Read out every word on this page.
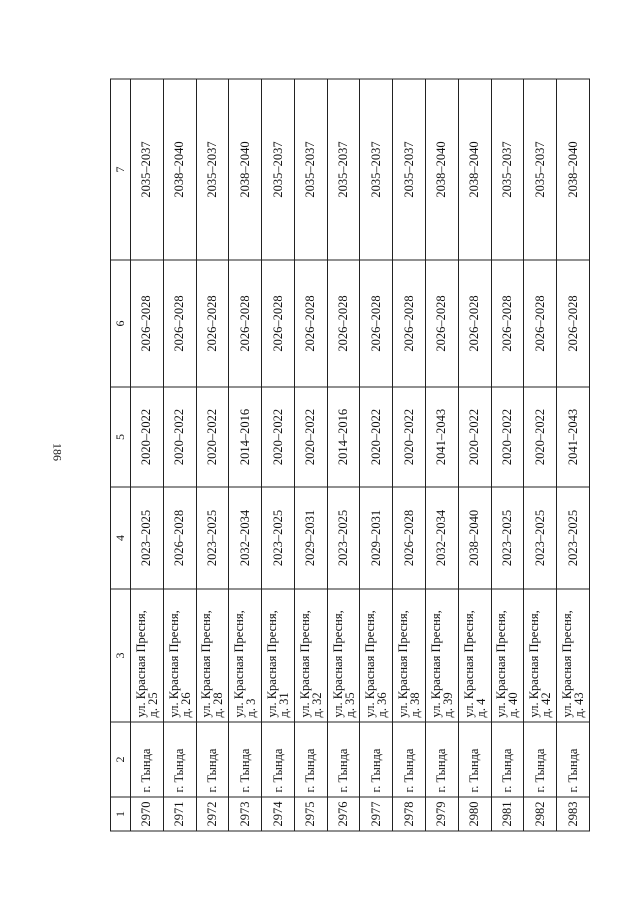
186
1	2	3	4	5	6	7
2970	г. Тында	ул. Красная Пресня,
д. 25	2023–2025	2020–2022	2026–2028	2035–2037
2971	г. Тында	ул. Красная Пресня,
д. 26	2026–2028	2020–2022	2026–2028	2038–2040
2972	г. Тында	ул. Красная Пресня,
д. 28	2023–2025	2020–2022	2026–2028	2035–2037
2973	г. Тында	ул. Красная Пресня,
д. 3	2032–2034	2014–2016	2026–2028	2038–2040
2974	г. Тында	ул. Красная Пресня,
д. 31	2023–2025	2020–2022	2026–2028	2035–2037
2975	г. Тында	ул. Красная Пресня,
д. 32	2029–2031	2020–2022	2026–2028	2035–2037
2976	г. Тында	ул. Красная Пресня,
д. 35	2023–2025	2014–2016	2026–2028	2035–2037
2977	г. Тында	ул. Красная Пресня,
д. 36	2029–2031	2020–2022	2026–2028	2035–2037
2978	г. Тында	ул. Красная Пресня,
д. 38	2026–2028	2020–2022	2026–2028	2035–2037
2979	г. Тында	ул. Красная Пресня,
д. 39	2032–2034	2041–2043	2026–2028	2038–2040
2980	г. Тында	ул. Красная Пресня,
д. 4	2038–2040	2020–2022	2026–2028	2038–2040
2981	г. Тында	ул. Красная Пресня,
д. 40	2023–2025	2020–2022	2026–2028	2035–2037
2982	г. Тында	ул. Красная Пресня,
д. 42	2023–2025	2020–2022	2026–2028	2035–2037
2983	г. Тында	ул. Красная Пресня,
д. 43	2023–2025	2041–2043	2026–2028	2038–2040
